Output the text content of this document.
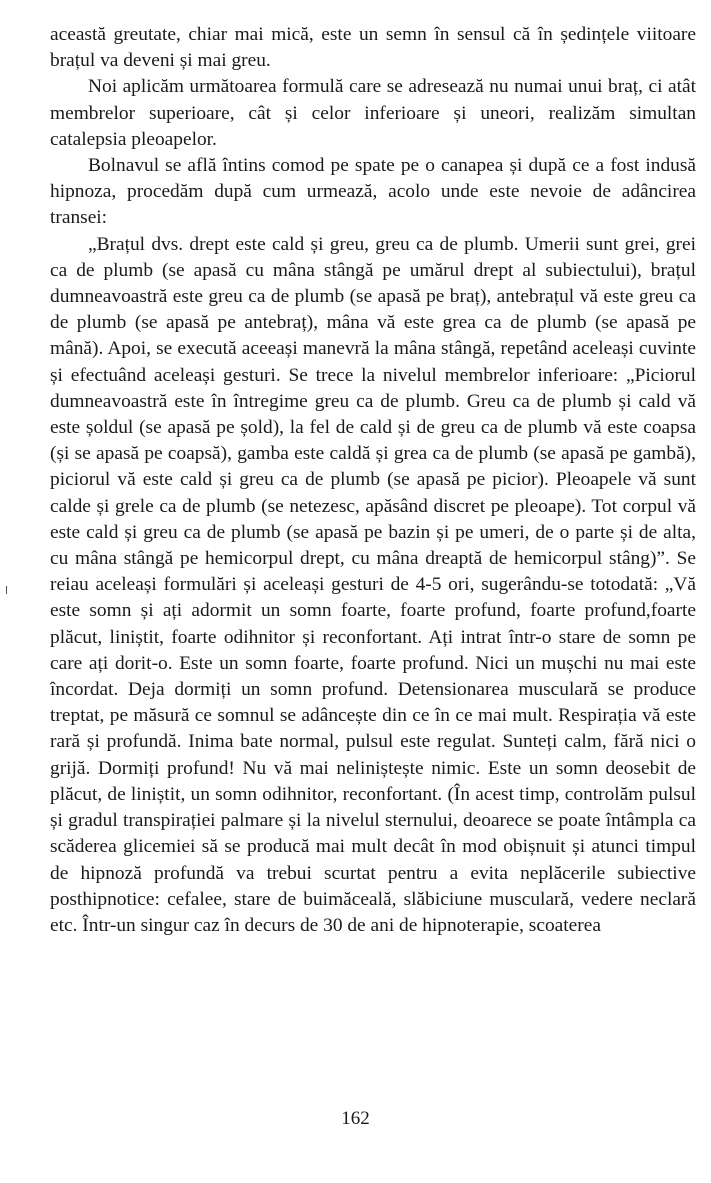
această greutate, chiar mai mică, este un semn în sensul că în ședințele viitoare brațul va deveni și mai greu.

Noi aplicăm următoarea formulă care se adresează nu numai unui braț, ci atât membrelor superioare, cât și celor inferioare și uneori, realizăm simultan catalepsia pleoapelor.

Bolnavul se află întins comod pe spate pe o canapea și după ce a fost indusă hipnoza, procedăm după cum urmează, acolo unde este nevoie de adâncirea transei:

„Brațul dvs. drept este cald și greu, greu ca de plumb. Umerii sunt grei, grei ca de plumb (se apasă cu mâna stângă pe umărul drept al subiectului), brațul dumneavoastră este greu ca de plumb (se apasă pe braț), antebrațul vă este greu ca de plumb (se apasă pe antebraț), mâna vă este grea ca de plumb (se apasă pe mână). Apoi, se execută aceeași manevră la mâna stângă, repetând aceleași cuvinte și efectuând aceleași gesturi. Se trece la nivelul membrelor inferioare: „Piciorul dumneavoastră este în întregime greu ca de plumb. Greu ca de plumb și cald vă este șoldul (se apasă pe șold), la fel de cald și de greu ca de plumb vă este coapsa (și se apasă pe coapsă), gamba este caldă și grea ca de plumb (se apasă pe gambă), piciorul vă este cald și greu ca de plumb (se apasă pe picior). Pleoapele vă sunt calde și grele ca de plumb (se netezesc, apăsând discret pe pleoape). Tot corpul vă este cald și greu ca de plumb (se apasă pe bazin și pe umeri, de o parte și de alta, cu mâna stângă pe hemicorpul drept, cu mâna dreaptă de hemicorpul stâng)”. Se reiau aceleași formulări și aceleași gesturi de 4-5 ori, sugerându-se totodată: „Vă este somn și ați adormit un somn foarte, foarte profund, foarte profund,foarte plăcut, liniștit, foarte odihnitor și reconfortant. Ați intrat într-o stare de somn pe care ați dorit-o. Este un somn foarte, foarte profund. Nici un mușchi nu mai este încordat. Deja dormiți un somn profund. Detensionarea musculară se produce treptat, pe măsură ce somnul se adâncește din ce în ce mai mult. Respirația vă este rară și profundă. Inima bate normal, pulsul este regulat. Sunteți calm, fără nici o grijă. Dormiți profund! Nu vă mai neliniștește nimic. Este un somn deosebit de plăcut, de liniștit, un somn odihnitor, reconfortant. (În acest timp, controlăm pulsul și gradul transpirației palmare și la nivelul sternului, deoarece se poate întâmpla ca scăderea glicemiei să se producă mai mult decât în mod obișnuit și atunci timpul de hipnoză profundă va trebui scurtat pentru a evita neplăcerile subiective posthipnotice: cefalee, stare de buimăceală, slăbiciune musculară, vedere neclară etc. Într-un singur caz în decurs de 30 de ani de hipnoterapie, scoaterea

162
